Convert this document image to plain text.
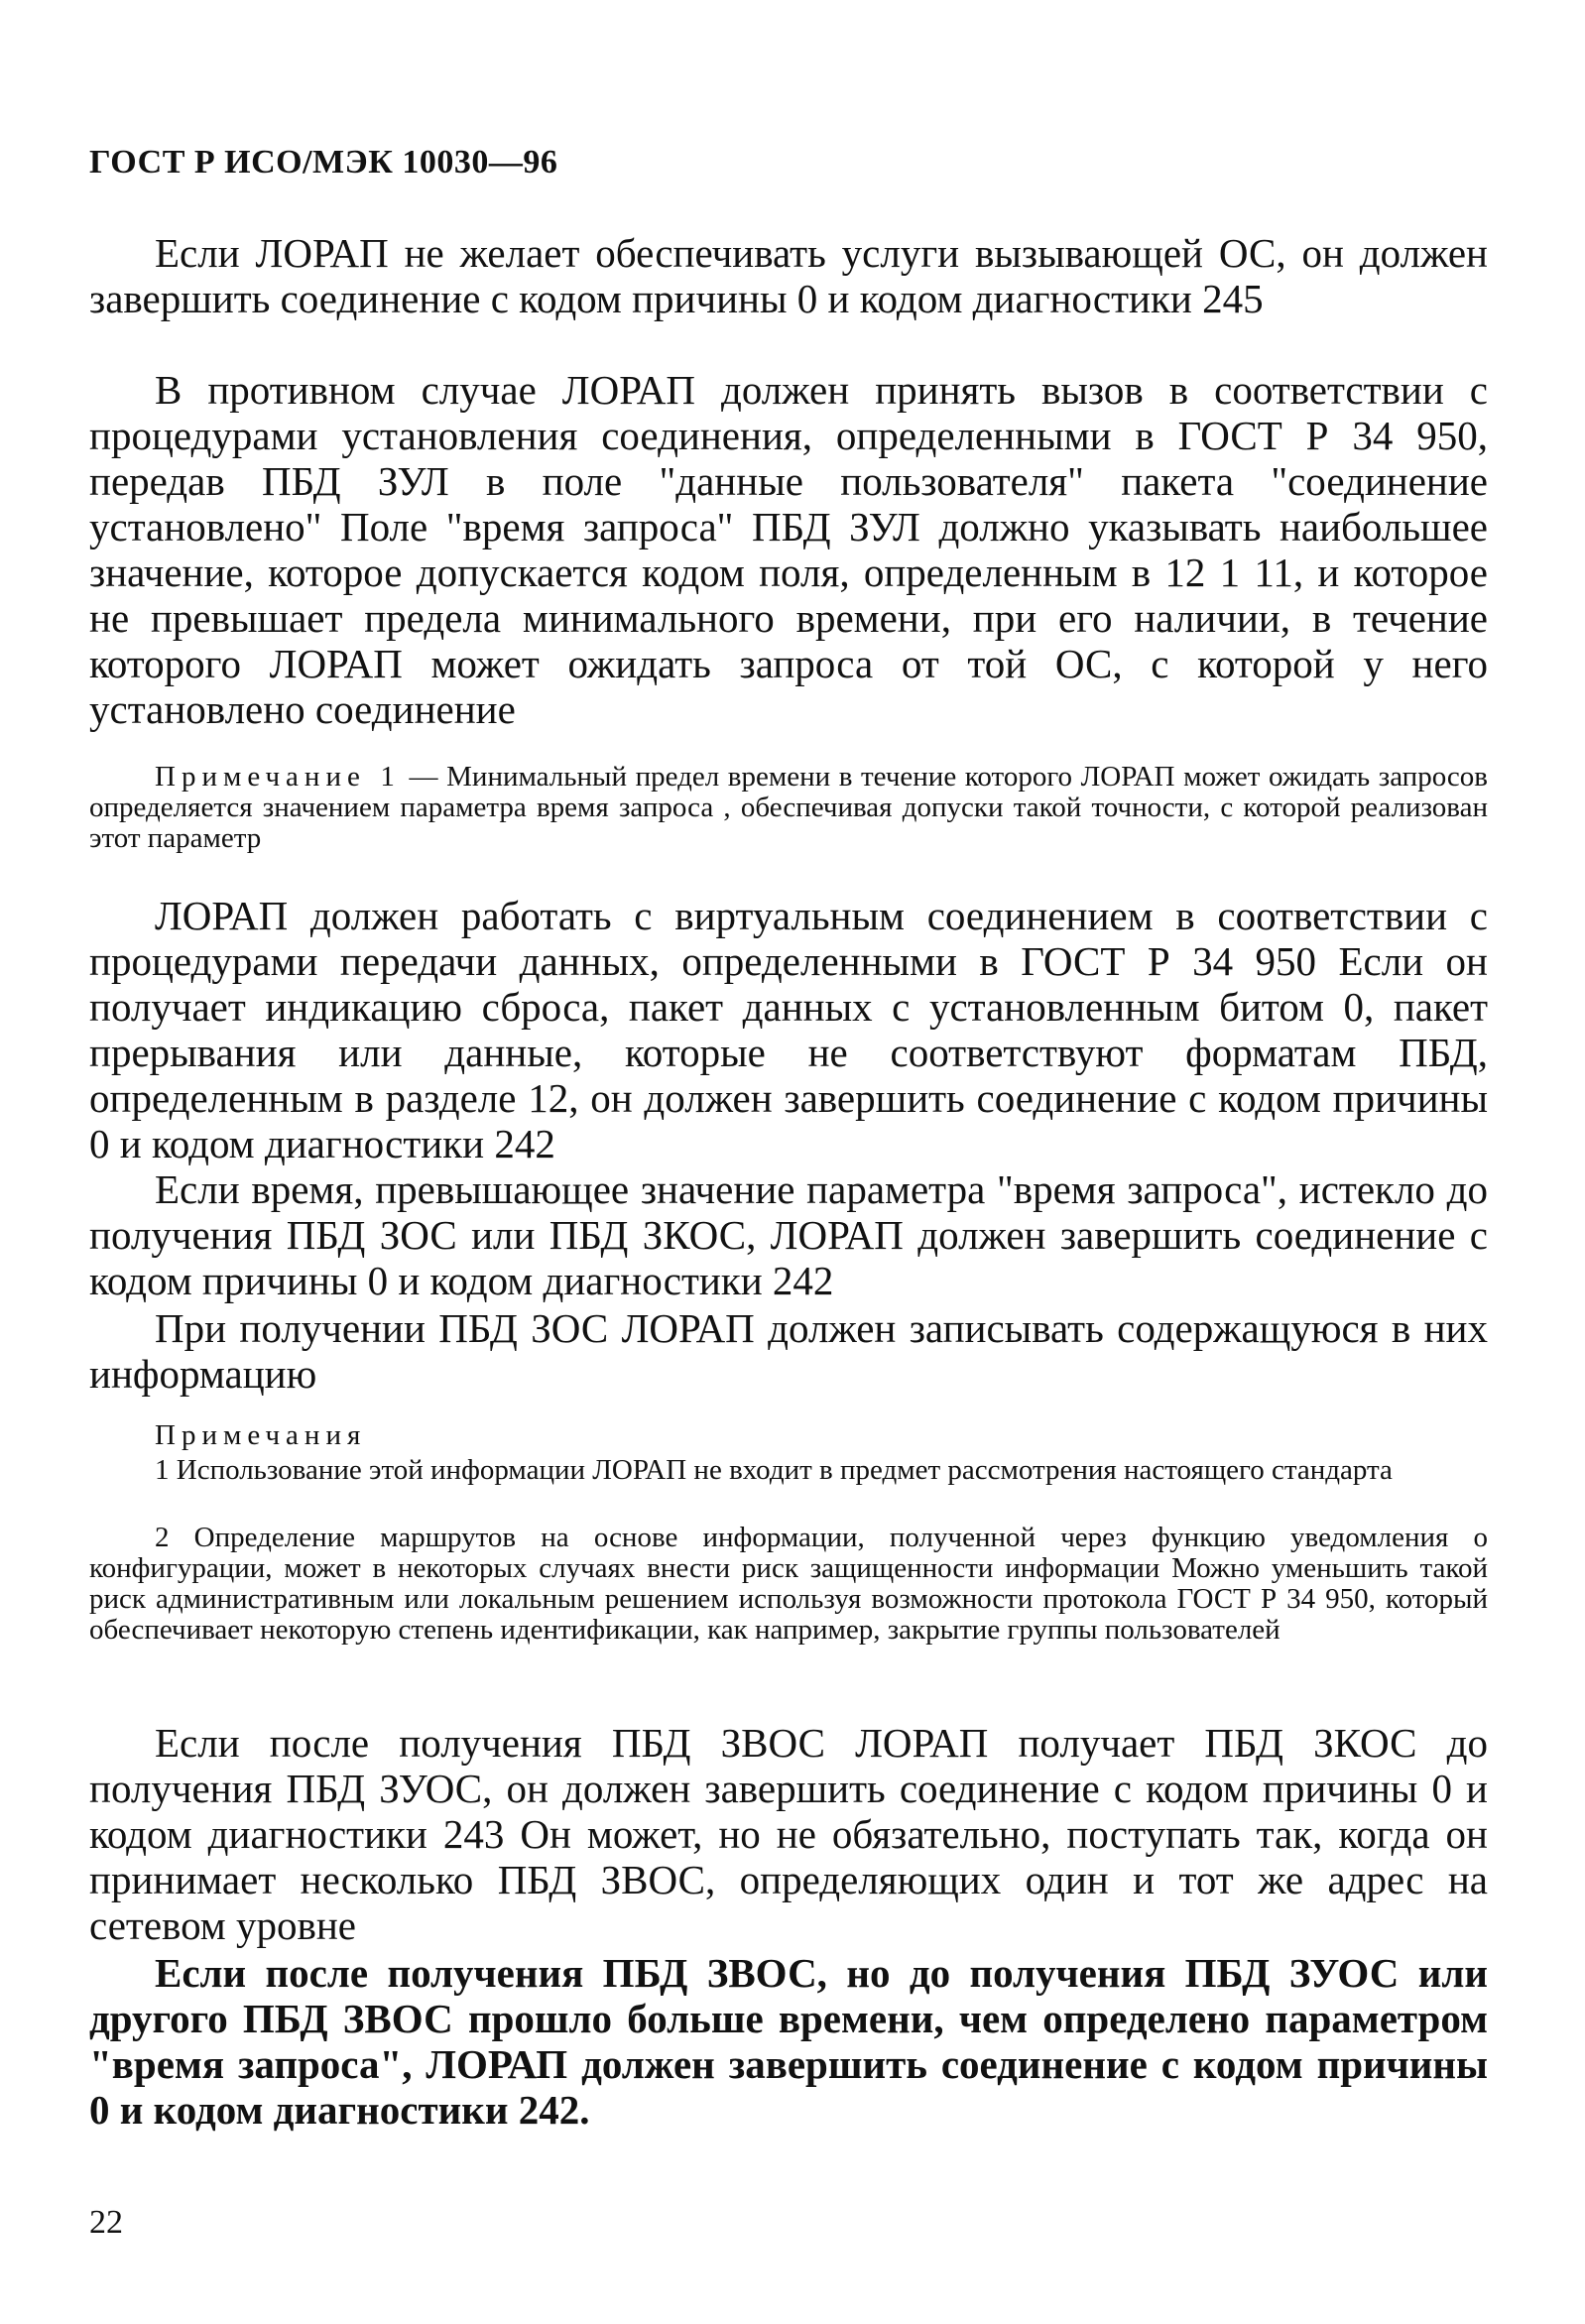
ГОСТ Р ИСО/МЭК 10030—96

Если ЛОРАП не желает обеспечивать услуги вызывающей ОС, он должен завершить соединение с кодом причины 0 и кодом диагностики 245

В противном случае ЛОРАП должен принять вызов в соответствии с процедурами установления соединения, определенными в ГОСТ Р 34 950, передав ПБД ЗУЛ в поле "данные пользователя" пакета "соединение установлено" Поле "время запроса" ПБД ЗУЛ должно указывать наибольшее значение, которое допускается кодом поля, определенным в 12 1 11, и которое не превышает предела минимального времени, при его наличии, в течение которого ЛОРАП может ожидать запроса от той ОС, с которой у него установлено соединение

Примечание 1 — Минимальный предел времени в течение которого ЛОРАП может ожидать запросов определяется значением параметра время запроса , обеспечивая допуски такой точности, с которой реализован этот параметр

ЛОРАП должен работать с виртуальным соединением в соответствии с процедурами передачи данных, определенными в ГОСТ Р 34 950 Если он получает индикацию сброса, пакет данных с установленным битом 0, пакет прерывания или данные, которые не соответствуют форматам ПБД, определенным в разделе 12, он должен завершить соединение с кодом причины 0 и кодом диагностики 242

Если время, превышающее значение параметра "время запроса", истекло до получения ПБД ЗОС или ПБД ЗКОС, ЛОРАП должен завершить соединение с кодом причины 0 и кодом диагностики 242

При получении ПБД ЗОС ЛОРАП должен записывать содержащуюся в них информацию

Примечания

1 Использование этой информации ЛОРАП не входит в предмет рассмотрения настоящего стандарта

2 Определение маршрутов на основе информации, полученной через функцию уведомления о конфигурации, может в некоторых случаях внести риск защищенности информации Можно уменьшить такой риск административным или локальным решением используя возможности протокола ГОСТ Р 34 950, который обеспечивает некоторую степень идентификации, как например, закрытие группы пользователей

Если после получения ПБД ЗВОС ЛОРАП получает ПБД ЗКОС до получения ПБД ЗУОС, он должен завершить соединение с кодом причины 0 и кодом диагностики 243 Он может, но не обязательно, поступать так, когда он принимает несколько ПБД ЗВОС, определяющих один и тот же адрес на сетевом уровне

Если после получения ПБД ЗВОС, но до получения ПБД ЗУОС или другого ПБД ЗВОС прошло больше времени, чем определено параметром "время запроса", ЛОРАП должен завершить соединение с кодом причины 0 и кодом диагностики 242.

22
